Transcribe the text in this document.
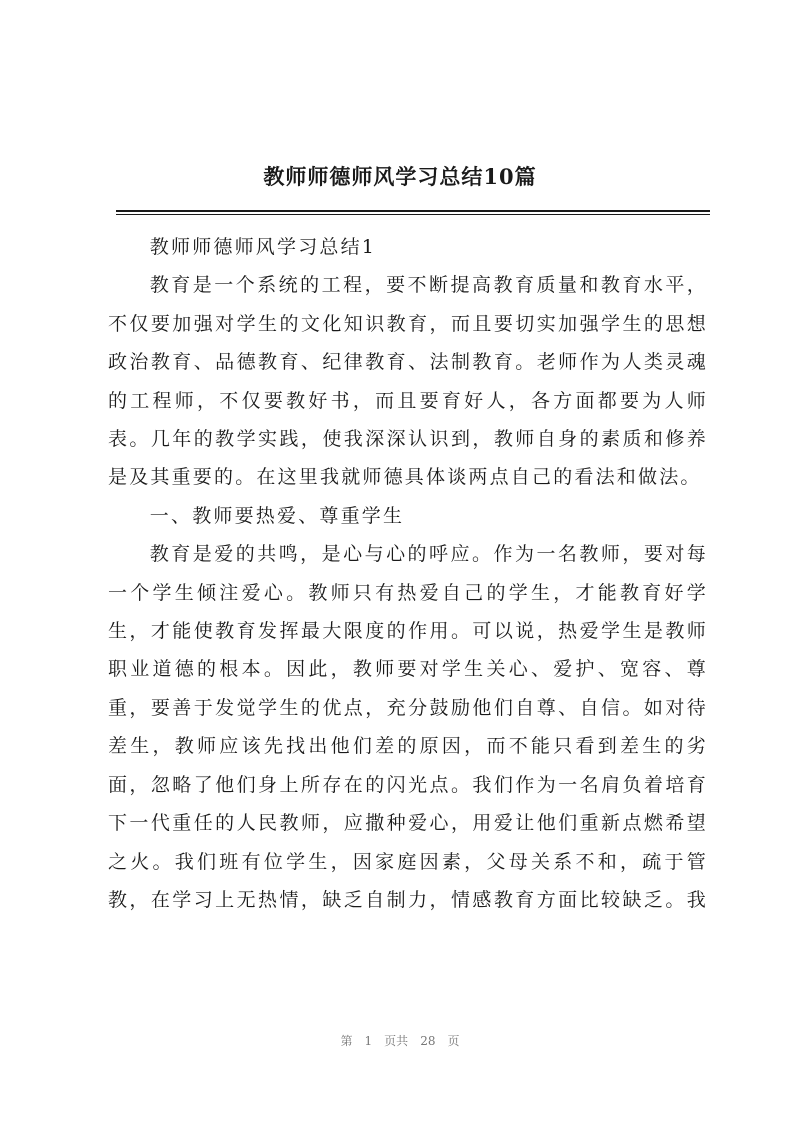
教师师德师风学习总结10篇

教师师德师风学习总结1

教育是一个系统的工程，要不断提高教育质量和教育水平，不仅要加强对学生的文化知识教育，而且要切实加强学生的思想政治教育、品德教育、纪律教育、法制教育。老师作为人类灵魂的工程师，不仅要教好书，而且要育好人，各方面都要为人师表。几年的教学实践，使我深深认识到，教师自身的素质和修养是及其重要的。在这里我就师德具体谈两点自己的看法和做法。

一、教师要热爱、尊重学生

教育是爱的共鸣，是心与心的呼应。作为一名教师，要对每一个学生倾注爱心。教师只有热爱自己的学生，才能教育好学生，才能使教育发挥最大限度的作用。可以说，热爱学生是教师职业道德的根本。因此，教师要对学生关心、爱护、宽容、尊重，要善于发觉学生的优点，充分鼓励他们自尊、自信。如对待差生，教师应该先找出他们差的原因，而不能只看到差生的劣面，忽略了他们身上所存在的闪光点。我们作为一名肩负着培育下一代重任的人民教师，应撒种爱心，用爱让他们重新点燃希望之火。我们班有位学生，因家庭因素，父母关系不和，疏于管教，在学习上无热情，缺乏自制力，情感教育方面比较缺乏。我

第 1 页共 28 页
